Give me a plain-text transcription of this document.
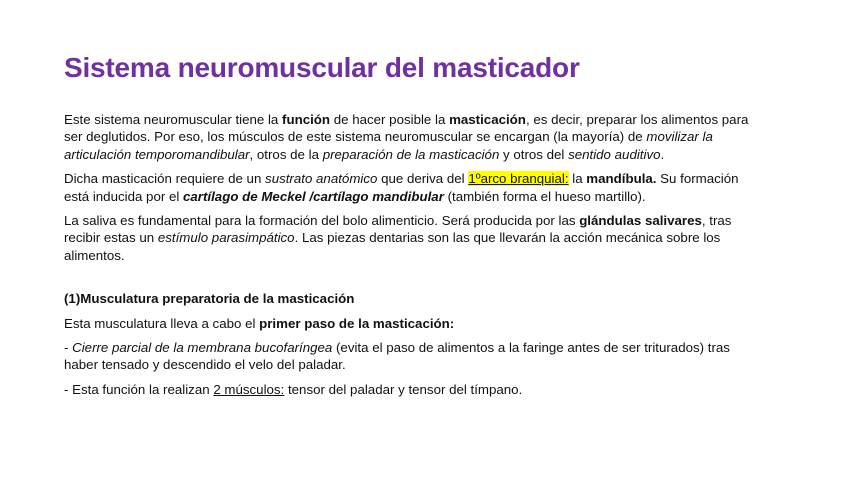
Sistema neuromuscular del masticador

Este sistema neuromuscular tiene la función de hacer posible la masticación, es decir, preparar los alimentos para ser deglutidos. Por eso, los músculos de este sistema neuromuscular se encargan (la mayoría) de movilizar la articulación temporomandibular, otros de la preparación de la masticación y otros del sentido auditivo.

Dicha masticación requiere de un sustrato anatómico que deriva del 1ºarco branquial: la mandíbula. Su formación está inducida por el cartílago de Meckel /cartílago mandibular (también forma el hueso martillo).

La saliva es fundamental para la formación del bolo alimenticio. Será producida por las glándulas salivares, tras recibir estas un estímulo parasimpático. Las piezas dentarias son las que llevarán la acción mecánica sobre los alimentos.

(1)Musculatura preparatoria de la masticación

Esta musculatura lleva a cabo el primer paso de la masticación:

- Cierre parcial de la membrana bucofaríngea (evita el paso de alimentos a la faringe antes de ser triturados) tras haber tensado y descendido el velo del paladar.

- Esta función la realizan 2 músculos: tensor del paladar y tensor del tímpano.
